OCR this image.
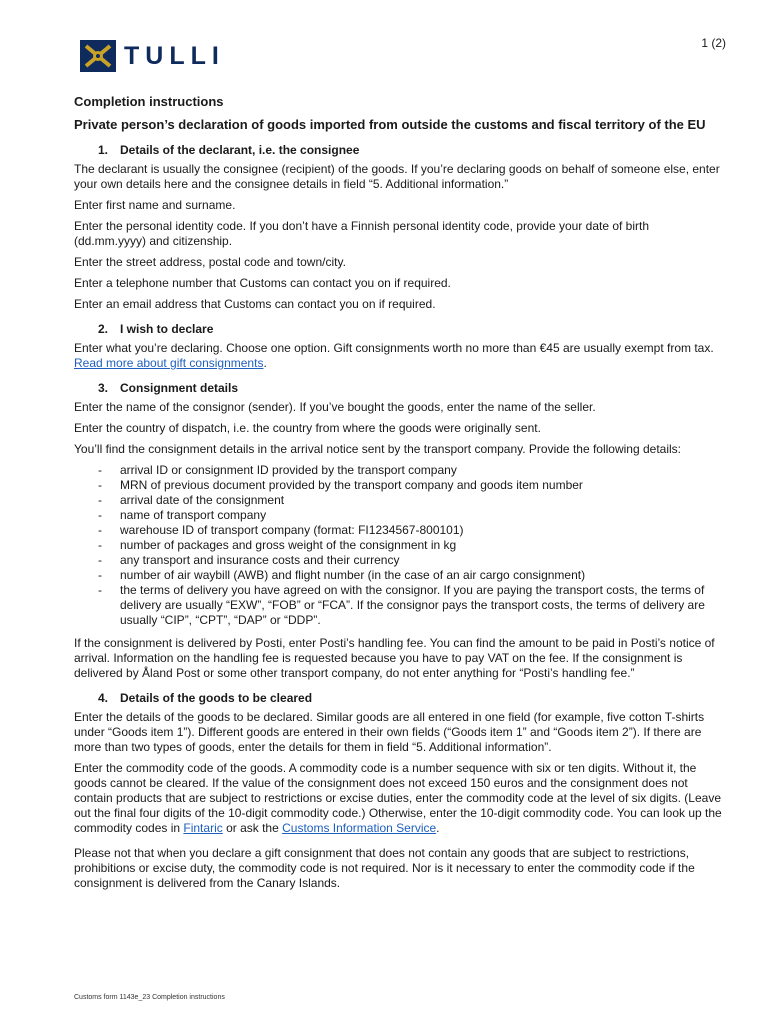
TULLI	1 (2)
Completion instructions
Private person’s declaration of goods imported from outside the customs and fiscal territory of the EU
1. Details of the declarant, i.e. the consignee

The declarant is usually the consignee (recipient) of the goods. If you’re declaring goods on behalf of someone else, enter your own details here and the consignee details in field “5. Additional information.”

Enter first name and surname.

Enter the personal identity code. If you don’t have a Finnish personal identity code, provide your date of birth (dd.mm.yyyy) and citizenship.

Enter the street address, postal code and town/city.

Enter a telephone number that Customs can contact you on if required.

Enter an email address that Customs can contact you on if required.

2. I wish to declare

Enter what you’re declaring. Choose one option. Gift consignments worth no more than €45 are usually exempt from tax. Read more about gift consignments.

3. Consignment details

Enter the name of the consignor (sender). If you’ve bought the goods, enter the name of the seller.

Enter the country of dispatch, i.e. the country from where the goods were originally sent.

You’ll find the consignment details in the arrival notice sent by the transport company. Provide the following details:

- arrival ID or consignment ID provided by the transport company
- MRN of previous document provided by the transport company and goods item number
- arrival date of the consignment
- name of transport company
- warehouse ID of transport company (format: FI1234567-800101)
- number of packages and gross weight of the consignment in kg
- any transport and insurance costs and their currency
- number of air waybill (AWB) and flight number (in the case of an air cargo consignment)
- the terms of delivery you have agreed on with the consignor. If you are paying the transport costs, the terms of delivery are usually “EXW”, “FOB” or “FCA”. If the consignor pays the transport costs, the terms of delivery are usually “CIP”, “CPT”, “DAP” or “DDP”.

If the consignment is delivered by Posti, enter Posti’s handling fee. You can find the amount to be paid in Posti’s notice of arrival. Information on the handling fee is requested because you have to pay VAT on the fee. If the consignment is delivered by Åland Post or some other transport company, do not enter anything for “Posti’s handling fee.”

4. Details of the goods to be cleared

Enter the details of the goods to be declared. Similar goods are all entered in one field (for example, five cotton T-shirts under “Goods item 1”). Different goods are entered in their own fields (“Goods item 1” and “Goods item 2”). If there are more than two types of goods, enter the details for them in field “5. Additional information”.

Enter the commodity code of the goods. A commodity code is a number sequence with six or ten digits. Without it, the goods cannot be cleared. If the value of the consignment does not exceed 150 euros and the consignment does not contain products that are subject to restrictions or excise duties, enter the commodity code at the level of six digits. (Leave out the final four digits of the 10-digit commodity code.) Otherwise, enter the 10-digit commodity code. You can look up the commodity codes in Fintaric or ask the Customs Information Service.

Please not that when you declare a gift consignment that does not contain any goods that are subject to restrictions, prohibitions or excise duty, the commodity code is not required. Nor is it necessary to enter the commodity code if the consignment is delivered from the Canary Islands.

Customs form 1143e_23 Completion instructions
